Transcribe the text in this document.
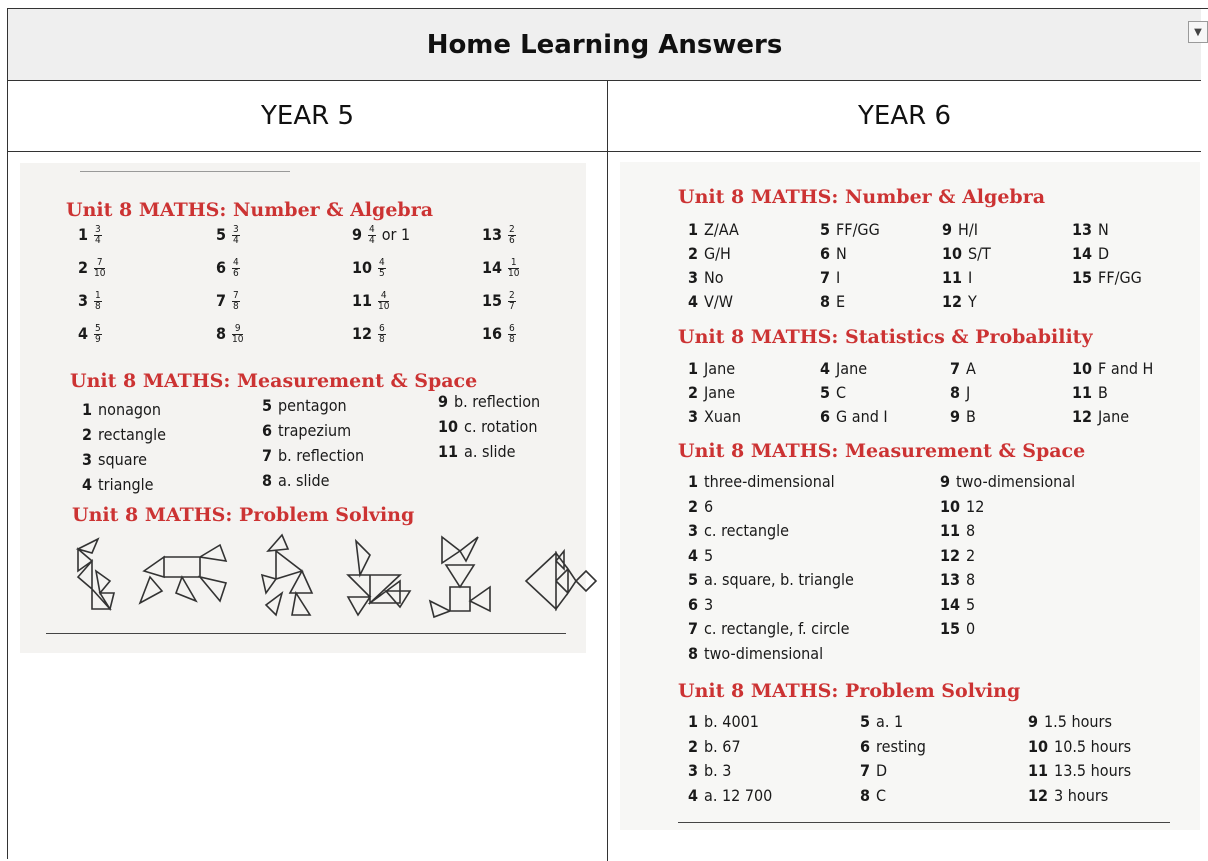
Home Learning Answers	▼
YEAR 5	YEAR 6
Unit 8 MATHS: Number & Algebra
$1 \frac{3}{4}$
$2 \frac{7}{10}$
$3 \frac{1}{8}$
$4 \frac{5}{9}$
$5 \frac{3}{4}$
$6 \frac{4}{6}$
$7 \frac{7}{8}$
$8 \frac{9}{10}$
$9 \frac{4}{4}$ or 1
$10 \frac{4}{5}$
$11 \frac{4}{10}$
$12 \frac{6}{8}$
$13 \frac{2}{6}$
$14 \frac{1}{10}$
$15 \frac{2}{7}$
$16 \frac{6}{8}$
Unit 8 MATHS: Measurement & Space
1 nonagon
2 rectangle
3 square
4 triangle
5 pentagon
6 trapezium
7 b. reflection
8 a. slide
9 b. reflection
10 c. rotation
11 a. slide
Unit 8 MATHS: Problem Solving
Unit 8 MATHS: Number & Algebra
1 Z/AA
2 G/H
3 No
4 V/W
5 FF/GG
6 N
7 I
8 E
9 H/I
10 S/T
11 I
12 Y
13 N
14 D
15 FF/GG
Unit 8 MATHS: Statistics & Probability
1 Jane
2 Jane
3 Xuan
4 Jane
5 C
6 G and I
7 A
8 J
9 B
10 F and H
11 B
12 Jane
Unit 8 MATHS: Measurement & Space
1 three-dimensional
2 6
3 c. rectangle
4 5
5 a. square, b. triangle
6 3
7 c. rectangle, f. circle
8 two-dimensional
9 two-dimensional
10 12
11 8
12 2
13 8
14 5
15 0
Unit 8 MATHS: Problem Solving
1 b. 4001
2 b. 67
3 b. 3
4 a. 12 700
5 a. 1
6 resting
7 D
8 C
9 1.5 hours
10 10.5 hours
11 13.5 hours
12 3 hours
